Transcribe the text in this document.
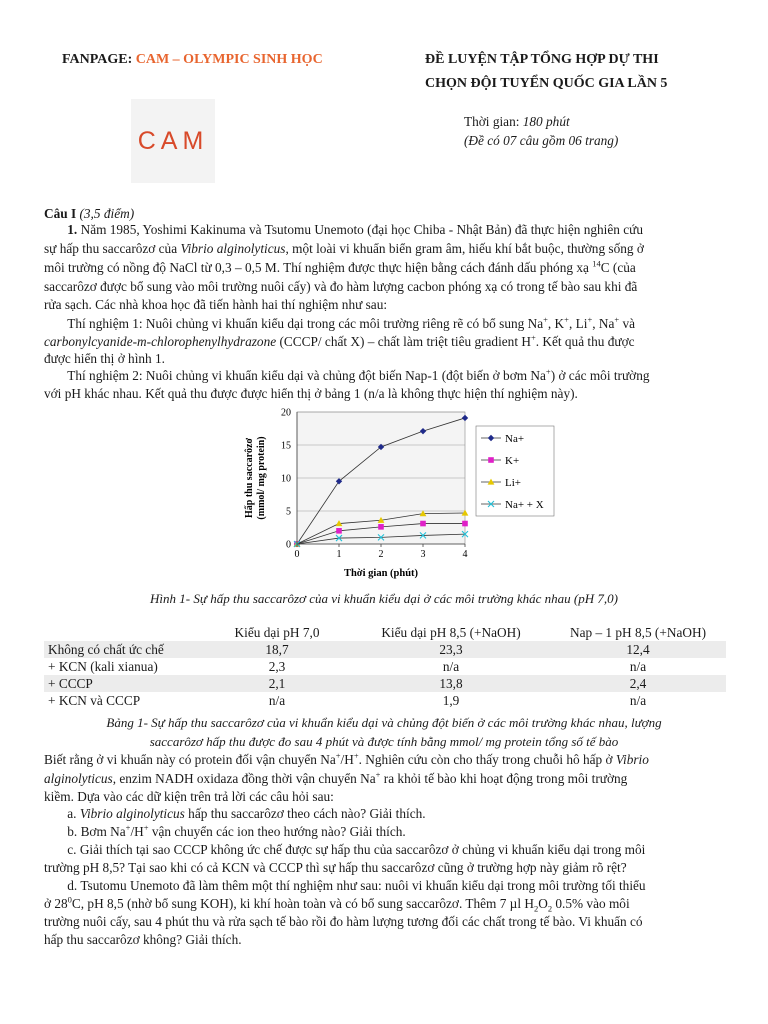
FANPAGE: CAM – OLYMPIC SINH HỌC	ĐỀ LUYỆN TẬP TỔNG HỢP DỰ THI
CHỌN ĐỘI TUYỂN QUỐC GIA LẦN 5
Thời gian: 180 phút
(Đề có 07 câu gồm 06 trang)
CAM
Câu I (3,5 điểm)
1. Năm 1985, Yoshimi Kakinuma và Tsutomu Unemoto (đại học Chiba - Nhật Bản) đã thực hiện nghiên cứu
sự hấp thu saccarôzơ của Vibrio alginolyticus, một loài vi khuẩn biển gram âm, hiếu khí bắt buộc, thường sống ở
môi trường có nồng độ NaCl từ 0,3 – 0,5 M. Thí nghiệm được thực hiện bằng cách đánh dấu phóng xạ $^{14}$C (của
saccarôzơ được bổ sung vào môi trường nuôi cấy) và đo hàm lượng cacbon phóng xạ có trong tế bào sau khi đã
rửa sạch. Các nhà khoa học đã tiến hành hai thí nghiệm như sau:
Thí nghiệm 1: Nuôi chủng vi khuẩn kiểu dại trong các môi trường riêng rẽ có bổ sung Na+, K+, Li+, Na+ và
carbonylcyanide-m-chlorophenylhydrazone (CCCP/ chất X) – chất làm triệt tiêu gradient H+. Kết quả thu được
được hiển thị ở hình 1.
Thí nghiệm 2: Nuôi chủng vi khuẩn kiểu dại và chủng đột biến Nap-1 (đột biến ở bơm Na+) ở các môi trường
với pH khác nhau. Kết quả thu được được hiển thị ở bảng 1 (n/a là không thực hiện thí nghiệm này).
0
5
10
15
20
0	1	2	3	4
Hấp thu saccarôzơ (mmol/ mg protein)
Thời gian (phút)
Na+
K+
Li+
Na+ + X
Hình 1- Sự hấp thu saccarôzơ của vi khuẩn kiểu dại ở các môi trường khác nhau (pH 7,0)
	Kiểu dại pH 7,0	Kiểu dại pH 8,5 (+NaOH)	Nap – 1 pH 8,5 (+NaOH)
Không có chất ức chế	18,7	23,3	12,4
+ KCN (kali xianua)	2,3	n/a	n/a
+ CCCP	2,1	13,8	2,4
+ KCN và CCCP	n/a	1,9	n/a
Bảng 1- Sự hấp thu saccarôzơ của vi khuẩn kiểu dại và chủng đột biến ở các môi trường khác nhau, lượng
saccarôzơ hấp thu được đo sau 4 phút và được tính bằng mmol/ mg protein tổng số tế bào
Biết rằng ở vi khuẩn này có protein đối vận chuyển Na+/H+. Nghiên cứu còn cho thấy trong chuỗi hô hấp ở Vibrio
alginolyticus, enzim NADH oxidaza đồng thời vận chuyển Na+ ra khỏi tế bào khi hoạt động trong môi trường
kiềm. Dựa vào các dữ kiện trên trả lời các câu hỏi sau:
a. Vibrio alginolyticus hấp thu saccarôzơ theo cách nào? Giải thích.
b. Bơm Na+/H+ vận chuyển các ion theo hướng nào? Giải thích.
c. Giải thích tại sao CCCP không ức chế được sự hấp thu của saccarôzơ ở chủng vi khuẩn kiểu dại trong môi
trường pH 8,5? Tại sao khi có cả KCN và CCCP thì sự hấp thu saccarôzơ cũng ở trường hợp này giảm rõ rệt?
d. Tsutomu Unemoto đã làm thêm một thí nghiệm như sau: nuôi vi khuẩn kiểu dại trong môi trường tối thiểu
ở $28^0C$, pH 8,5 (nhờ bổ sung KOH), ki khí hoàn toàn và có bổ sung saccarôzơ. Thêm 7 µl $H_2O_2$ 0.5% vào môi
trường nuôi cấy, sau 4 phút thu và rửa sạch tế bào rồi đo hàm lượng tương đối các chất trong tế bào. Vi khuẩn có
hấp thu saccarôzơ không? Giải thích.
